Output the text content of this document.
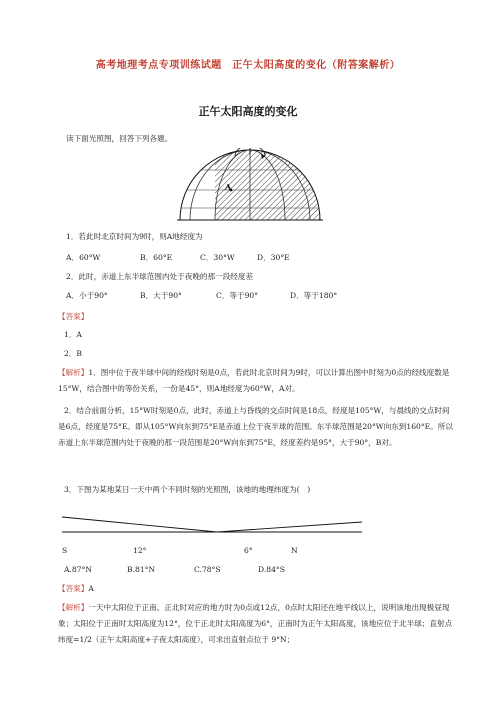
高考地理考点专项训练试题　正午太阳高度的变化（附答案解析）
正午太阳高度的变化
读下面光照图，回答下列各题。
A
1．若此时北京时间为9时，则A地经度为
A．60°W	B．60°E	C．30°W	D．30°E
2．此时，赤道上东半球范围内处于夜晚的那一段经度差
A．小于90°	B．大于90°	C．等于90°	D．等于180°
【答案】
1．A
2．B
【解析】1．图中位于夜半球中间的经线时刻是0点，若此时北京时间为9时，可以计算出图中时刻为0点的经线度数是15°W，结合图中的等份关系，一份是45°，则A地经度为60°W，A对。
2．结合前面分析，15°W时刻是0点，此时，赤道上与昏线的交点时间是18点，经度是105°W，与晨线的交点时间是6点，经度是75°E。即从105°W向东到75°E是赤道上位于夜半球的范围。东半球范围是20°W向东到160°E。所以赤道上东半球范围内处于夜晚的那一段范围是20°W向东到75°E，经度差约是95°，大于90°，B对。
3．下图为某地某日一天中两个不同时刻的光照图，该地的地理纬度为(　)
S	12°	6°	N
A.87°N	B.81°N	C.78°S	D.84°S
【答案】A
【解析】一天中太阳位于正南、正北时对应的地方时为0点或12点，0点时太阳还在地平线以上，说明该地出现极昼现象；太阳位于正南时太阳高度为12°，位于正北时太阳高度为6°，正南时为正午太阳高度，该地应位于北半球；直射点纬度=1/2（正午太阳高度+子夜太阳高度），可求出直射点位于 9°N；
